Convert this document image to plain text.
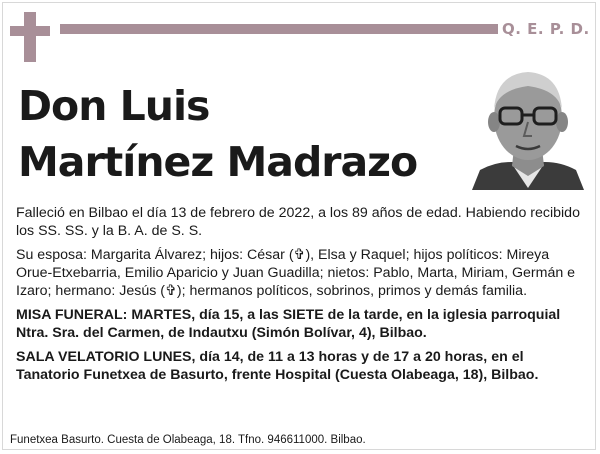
Q. E. P. D.
Don Luis
Martínez Madrazo

Falleció en Bilbao el día 13 de febrero de 2022, a los 89 años de edad. Habiendo recibido los SS. SS. y la B. A. de S. S.

Su esposa: Margarita Álvarez; hijos: César (✞), Elsa y Raquel; hijos políticos: Mireya Orue-Etxebarria, Emilio Aparicio y Juan Guadilla; nietos: Pablo, Marta, Miriam, Germán e Izaro; hermano: Jesús (✞); hermanos políticos, sobrinos, primos y demás familia.

MISA FUNERAL: MARTES, día 15, a las SIETE de la tarde, en la iglesia parroquial Ntra. Sra. del Carmen, de Indautxu (Simón Bolívar, 4), Bilbao.

SALA VELATORIO LUNES, día 14, de 11 a 13 horas y de 17 a 20 horas, en el Tanatorio Funetxea de Basurto, frente Hospital (Cuesta Olabeaga, 18), Bilbao.

Funetxea Basurto. Cuesta de Olabeaga, 18. Tfno. 946611000. Bilbao.
